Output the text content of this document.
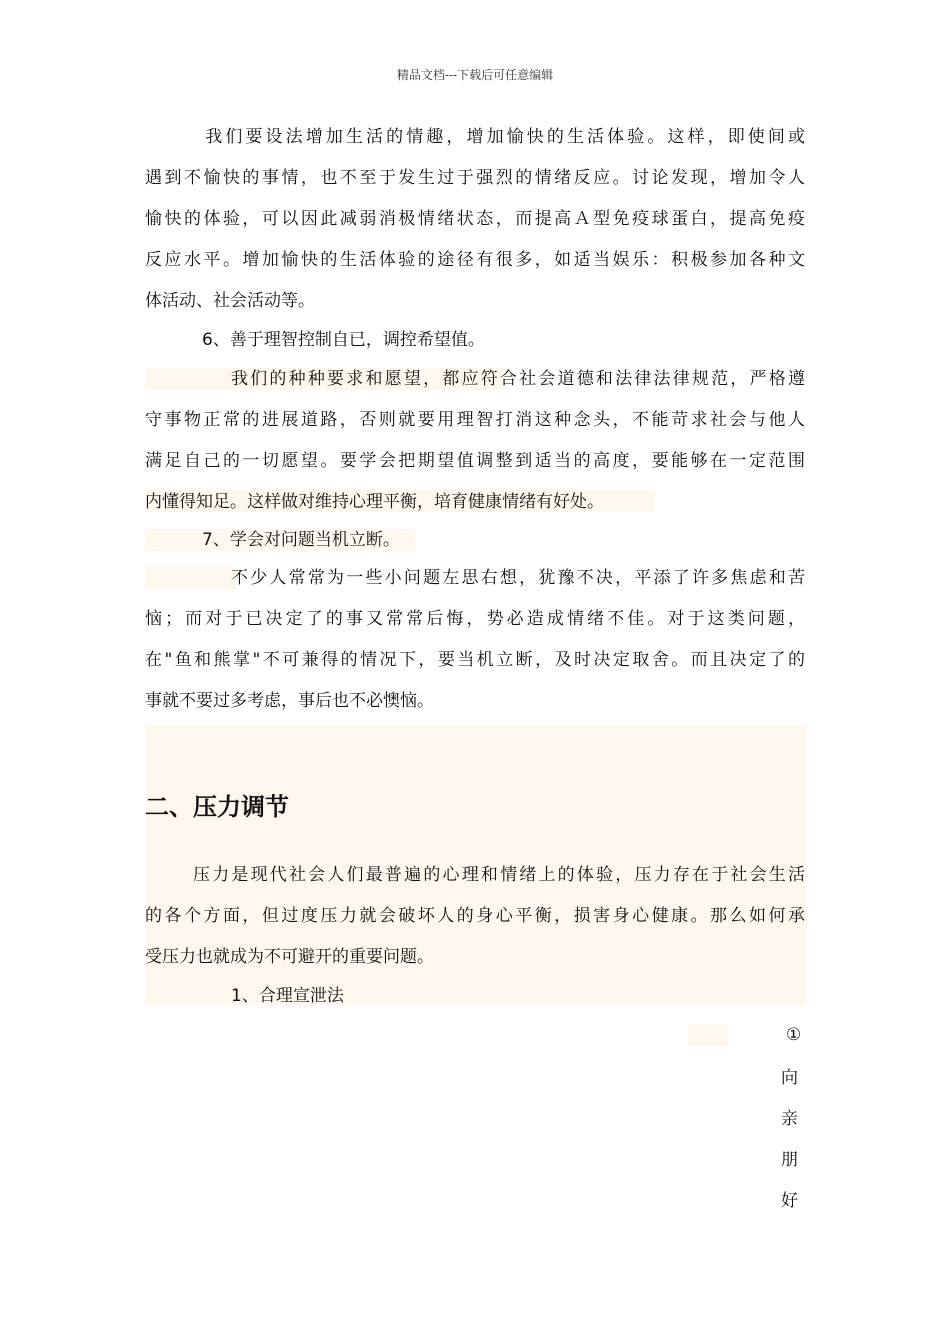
精品文档---下载后可任意编辑
　　　我们要设法增加生活的情趣，增加愉快的生活体验。这样，即使间或
遇到不愉快的事情，也不至于发生过于强烈的情绪反应。讨论发现，增加令人
愉快的体验，可以因此减弱消极情绪状态，而提高Ａ型免疫球蛋白，提高免疫
反应水平。增加愉快的生活体验的途径有很多，如适当娱乐：积极参加各种文
体活动、社会活动等。
6、善于理智控制自已，调控希望值。
我们的种种要求和愿望，都应符合社会道德和法律法律规范，严格遵
守事物正常的进展道路，否则就要用理智打消这种念头，不能苛求社会与他人
满足自己的一切愿望。要学会把期望值调整到适当的高度，要能够在一定范围
内懂得知足。这样做对维持心理平衡，培育健康情绪有好处。
7、学会对问题当机立断。
不少人常常为一些小问题左思右想，犹豫不决，平添了许多焦虑和苦
恼；而对于已决定了的事又常常后悔，势必造成情绪不佳。对于这类问题，
在"鱼和熊掌"不可兼得的情况下，要当机立断，及时决定取舍。而且决定了的
事就不要过多考虑，事后也不必懊恼。
二、压力调节
压力是现代社会人们最普遍的心理和情绪上的体验，压力存在于社会生活
的各个方面，但过度压力就会破坏人的身心平衡，损害身心健康。那么如何承
受压力也就成为不可避开的重要问题。
1、合理宣泄法
①
向
亲
朋
好
